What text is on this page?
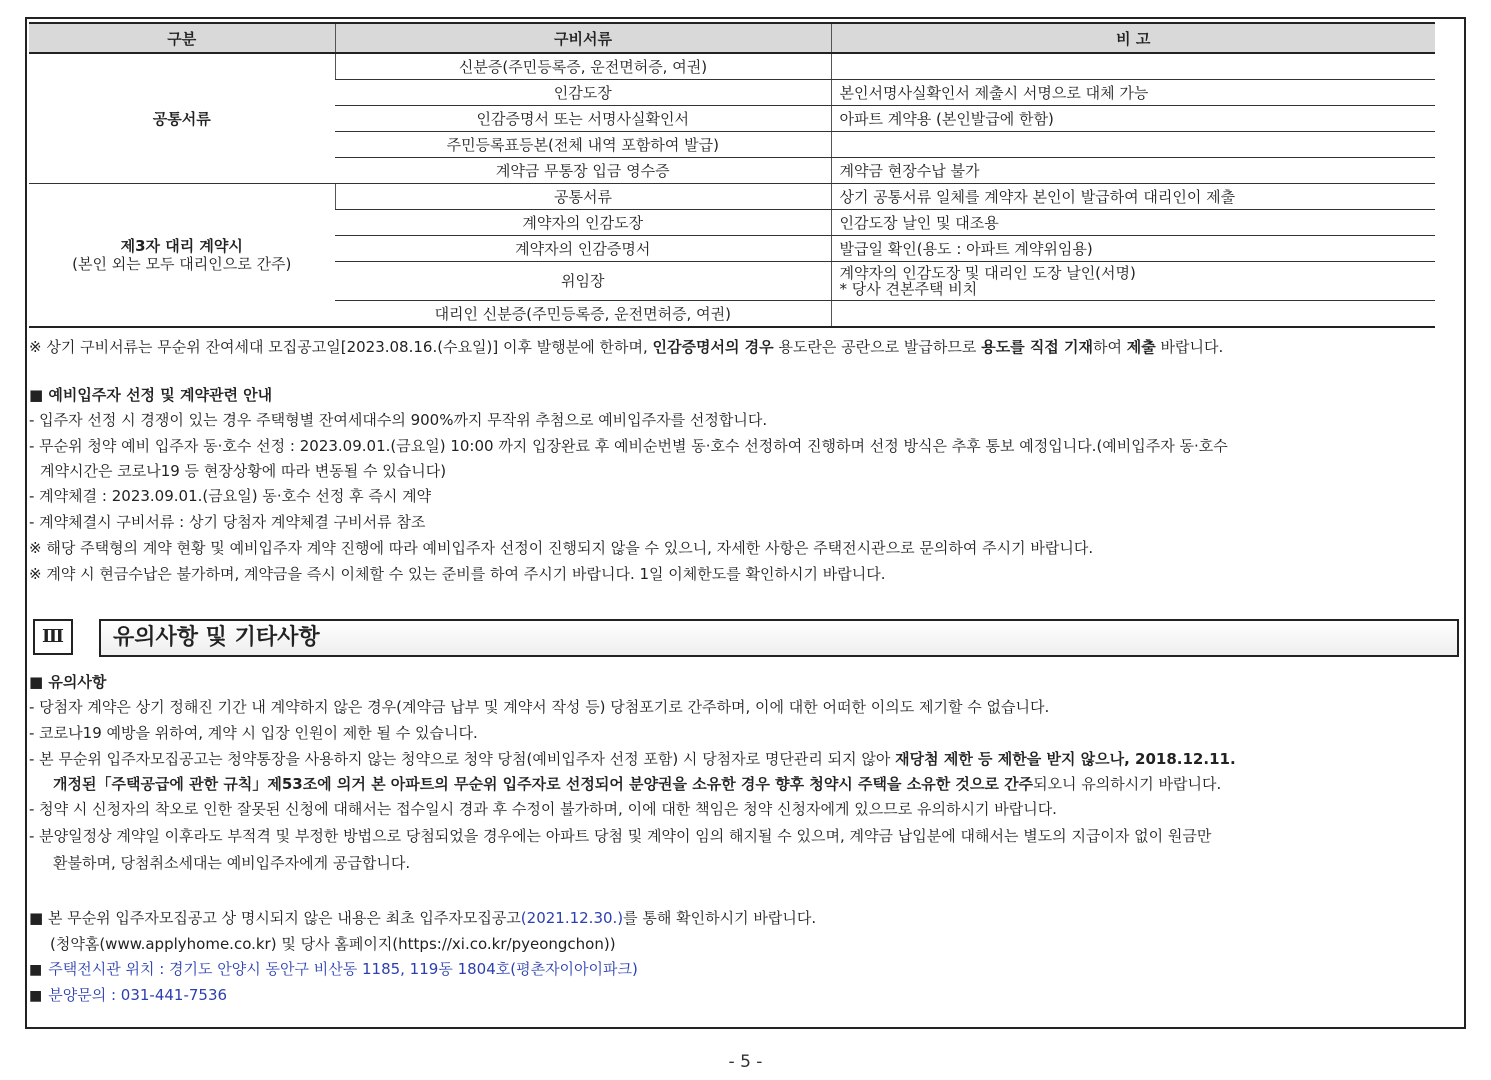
구분	구비서류	비 고
공통서류	신분증(주민등록증, 운전면허증, 여권)	
	인감도장	본인서명사실확인서 제출시 서명으로 대체 가능
	인감증명서 또는 서명사실확인서	아파트 계약용 (본인발급에 한함)
	주민등록표등본(전체 내역 포함하여 발급)	
	계약금 무통장 입금 영수증	계약금 현장수납 불가
제3자 대리 계약시
(본인 외는 모두 대리인으로 간주)	공통서류	상기 공통서류 일체를 계약자 본인이 발급하여 대리인이 제출
	계약자의 인감도장	인감도장 날인 및 대조용
	계약자의 인감증명서	발급일 확인(용도 : 아파트 계약위임용)
	위임장	계약자의 인감도장 및 대리인 도장 날인(서명)
* 당사 견본주택 비치
	대리인 신분증(주민등록증, 운전면허증, 여권)	
※ 상기 구비서류는 무순위 잔여세대 모집공고일[2023.08.16.(수요일)] 이후 발행분에 한하며, 인감증명서의 경우 용도란은 공란으로 발급하므로 용도를 직접 기재하여 제출 바랍니다.
■ 예비입주자 선정 및 계약관련 안내
- 입주자 선정 시 경쟁이 있는 경우 주택형별 잔여세대수의 900%까지 무작위 추첨으로 예비입주자를 선정합니다.
- 무순위 청약 예비 입주자 동·호수 선정 : 2023.09.01.(금요일) 10:00 까지 입장완료 후 예비순번별 동·호수 선정하여 진행하며 선정 방식은 추후 통보 예정입니다.(예비입주자 동·호수
계약시간은 코로나19 등 현장상황에 따라 변동될 수 있습니다)
- 계약체결 : 2023.09.01.(금요일) 동·호수 선정 후 즉시 계약
- 계약체결시 구비서류 : 상기 당첨자 계약체결 구비서류 참조
※ 해당 주택형의 계약 현황 및 예비입주자 계약 진행에 따라 예비입주자 선정이 진행되지 않을 수 있으니, 자세한 사항은 주택전시관으로 문의하여 주시기 바랍니다.
※ 계약 시 현금수납은 불가하며, 계약금을 즉시 이체할 수 있는 준비를 하여 주시기 바랍니다. 1일 이체한도를 확인하시기 바랍니다.
Ⅲ	유의사항 및 기타사항
■ 유의사항
- 당첨자 계약은 상기 정해진 기간 내 계약하지 않은 경우(계약금 납부 및 계약서 작성 등) 당첨포기로 간주하며, 이에 대한 어떠한 이의도 제기할 수 없습니다.
- 코로나19 예방을 위하여, 계약 시 입장 인원이 제한 될 수 있습니다.
- 본 무순위 입주자모집공고는 청약통장을 사용하지 않는 청약으로 청약 당첨(예비입주자 선정 포함) 시 당첨자로 명단관리 되지 않아 재당첨 제한 등 제한을 받지 않으나, 2018.12.11.
개정된「주택공급에 관한 규칙」제53조에 의거 본 아파트의 무순위 입주자로 선정되어 분양권을 소유한 경우 향후 청약시 주택을 소유한 것으로 간주되오니 유의하시기 바랍니다.
- 청약 시 신청자의 착오로 인한 잘못된 신청에 대해서는 접수일시 경과 후 수정이 불가하며, 이에 대한 책임은 청약 신청자에게 있으므로 유의하시기 바랍니다.
- 분양일정상 계약일 이후라도 부적격 및 부정한 방법으로 당첨되었을 경우에는 아파트 당첨 및 계약이 임의 해지될 수 있으며, 계약금 납입분에 대해서는 별도의 지급이자 없이 원금만
환불하며, 당첨취소세대는 예비입주자에게 공급합니다.
■ 본 무순위 입주자모집공고 상 명시되지 않은 내용은 최초 입주자모집공고(2021.12.30.)를 통해 확인하시기 바랍니다.
(청약홈(www.applyhome.co.kr) 및 당사 홈페이지(https://xi.co.kr/pyeongchon))
■ 주택전시관 위치 : 경기도 안양시 동안구 비산동 1185, 119동 1804호(평촌자이아이파크)
■ 분양문의 : 031-441-7536
- 5 -
